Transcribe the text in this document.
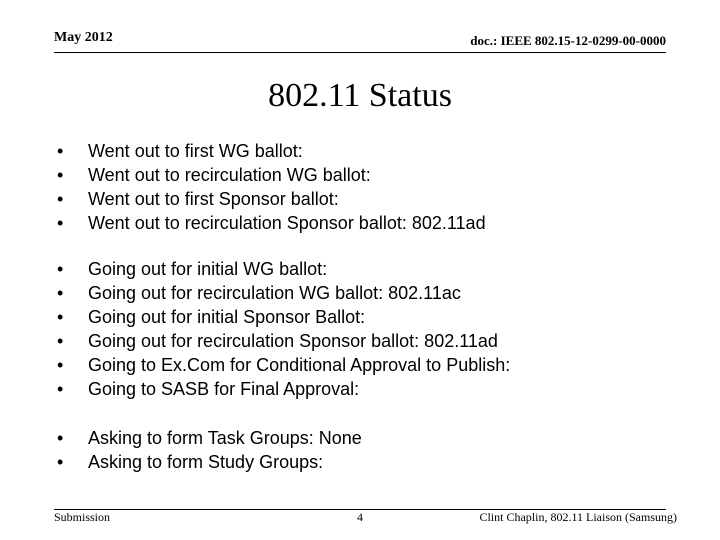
May 2012	doc.: IEEE 802.15-12-0299-00-0000
802.11 Status
• Went out to first WG ballot:
• Went out to recirculation WG ballot:
• Went out to first Sponsor ballot:
• Went out to recirculation Sponsor ballot: 802.11ad
• Going out for initial WG ballot:
• Going out for recirculation WG ballot: 802.11ac
• Going out for initial Sponsor Ballot:
• Going out for recirculation Sponsor ballot: 802.11ad
• Going to Ex.Com for Conditional Approval to Publish:
• Going to SASB for Final Approval:
• Asking to form Task Groups: None
• Asking to form Study Groups:
Submission	4	Clint Chaplin, 802.11 Liaison (Samsung)
